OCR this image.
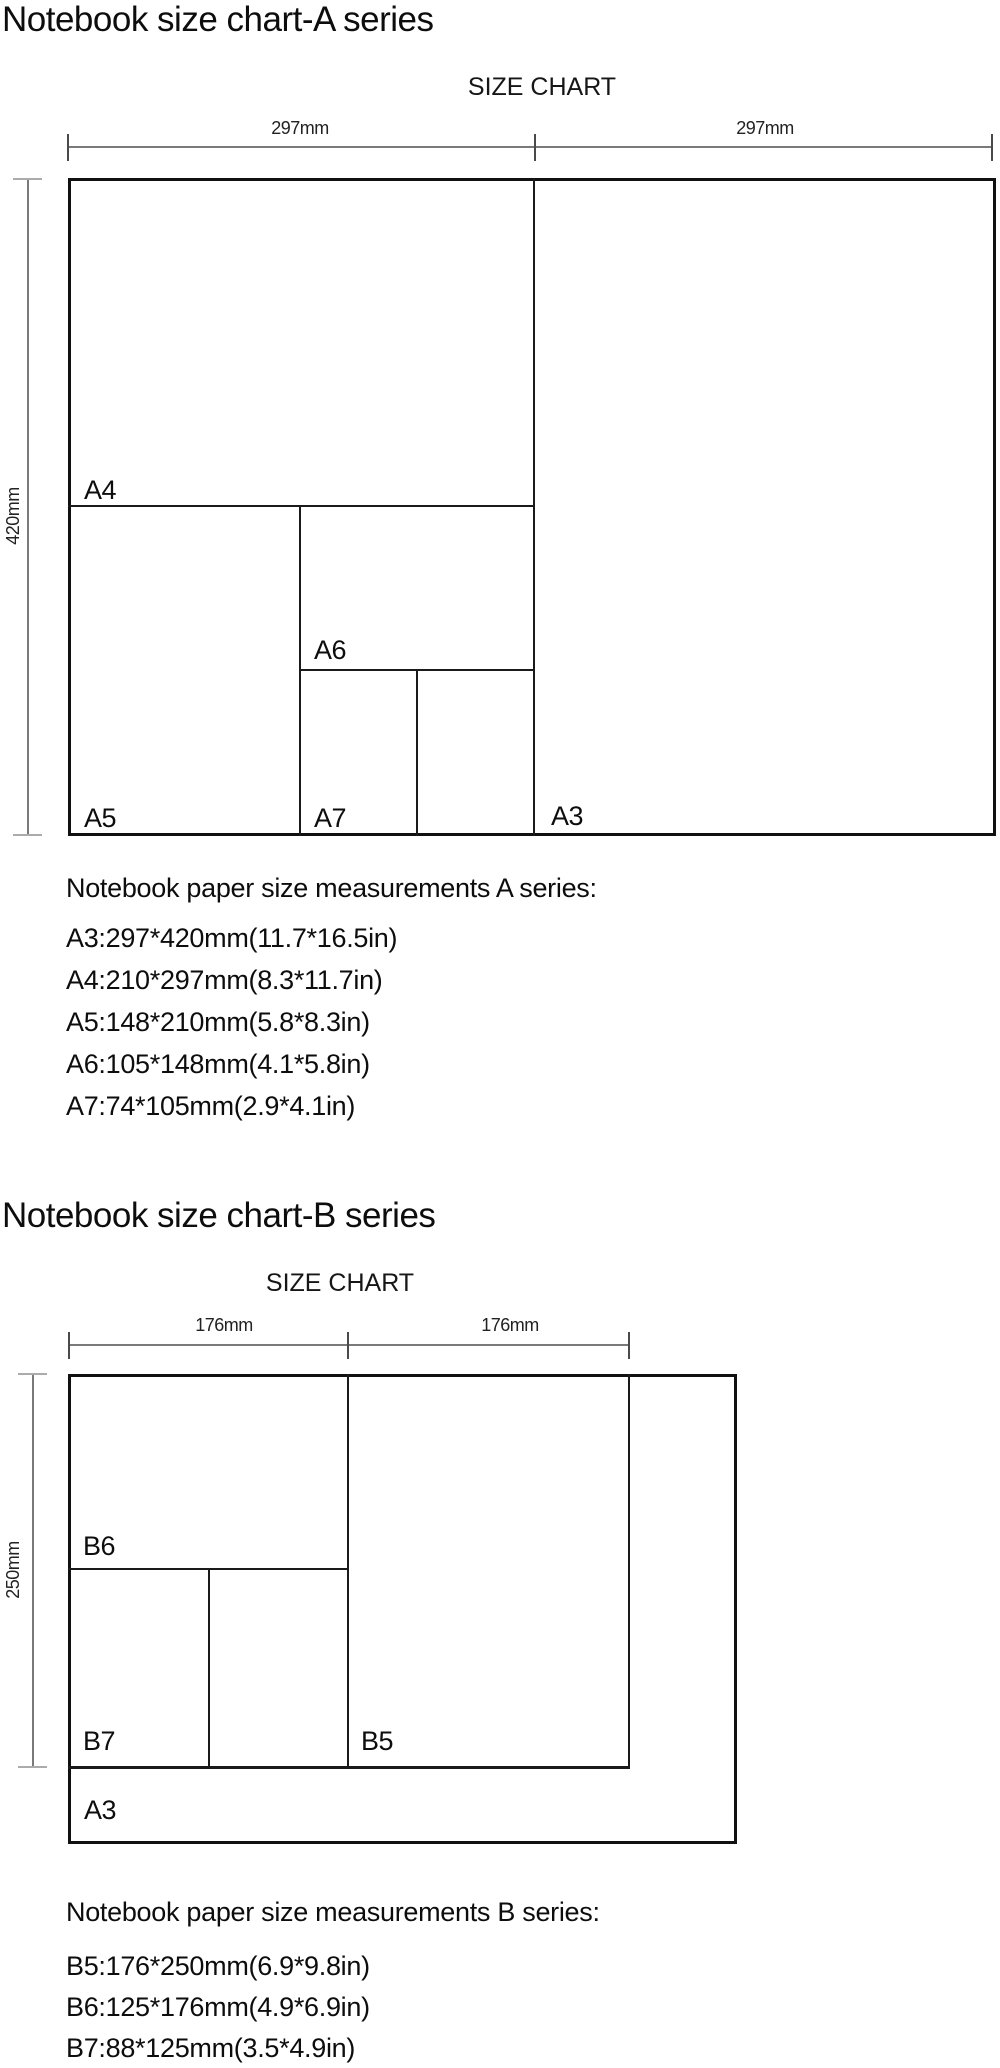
Notebook size chart-A series
SIZE CHART
297mm	297mm
420mm A4
A5
A6
A7	A3
Notebook paper size measurements A series:
A3:297*420mm(11.7*16.5in)
A4:210*297mm(8.3*11.7in)
A5:148*210mm(5.8*8.3in)
A6:105*148mm(4.1*5.8in)
A7:74*105mm(2.9*4.1in)
Notebook size chart-B series
SIZE CHART
176mm	176mm
250mm B6
B7	B5
A3
Notebook paper size measurements B series:
B5:176*250mm(6.9*9.8in)
B6:125*176mm(4.9*6.9in)
B7:88*125mm(3.5*4.9in)
